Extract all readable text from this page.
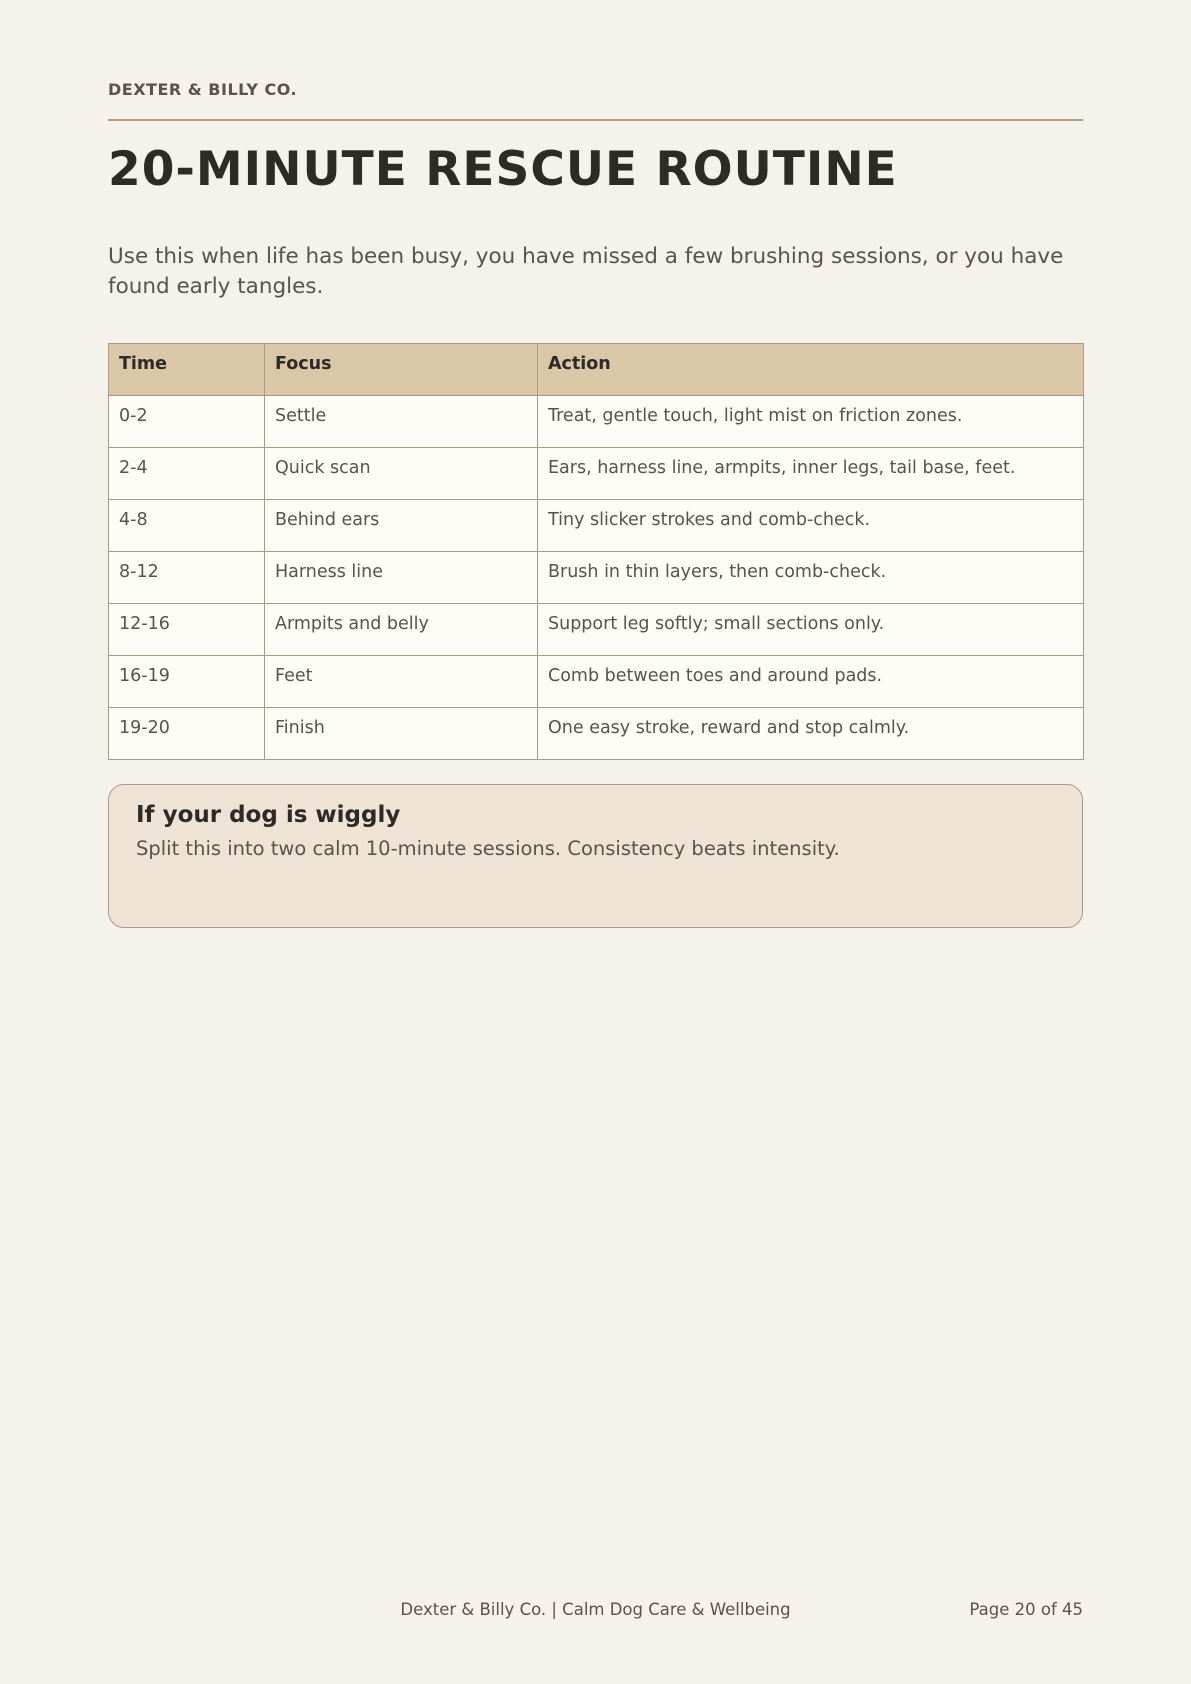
DEXTER & BILLY CO.
20-MINUTE RESCUE ROUTINE

Use this when life has been busy, you have missed a few brushing sessions, or you have found early tangles.

Time	Focus	Action
0-2	Settle	Treat, gentle touch, light mist on friction zones.
2-4	Quick scan	Ears, harness line, armpits, inner legs, tail base, feet.
4-8	Behind ears	Tiny slicker strokes and comb-check.
8-12	Harness line	Brush in thin layers, then comb-check.
12-16	Armpits and belly	Support leg softly; small sections only.
16-19	Feet	Comb between toes and around pads.
19-20	Finish	One easy stroke, reward and stop calmly.
If your dog is wiggly

Split this into two calm 10-minute sessions. Consistency beats intensity.

Dexter & Billy Co. | Calm Dog Care & Wellbeing	Page 20 of 45
